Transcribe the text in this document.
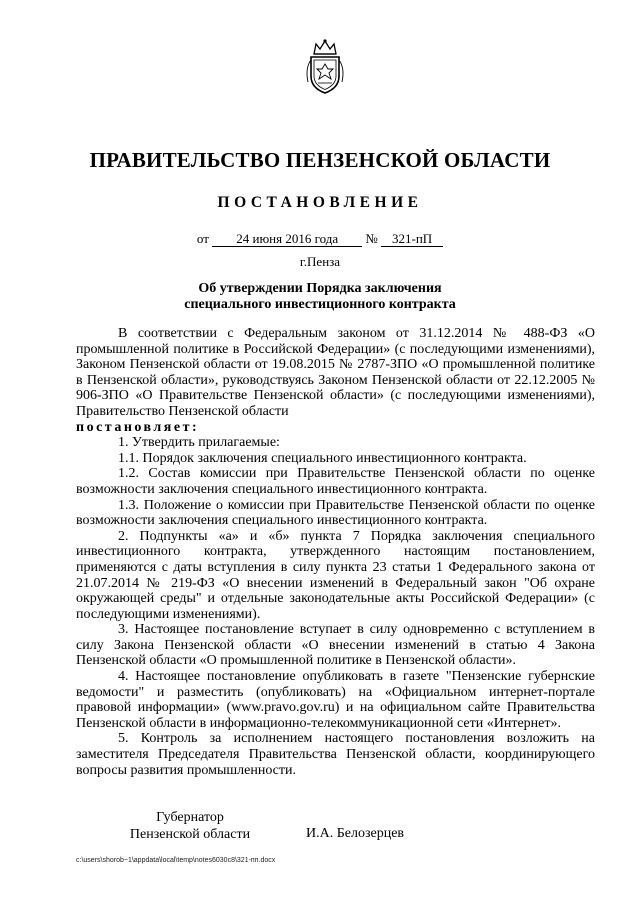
ПРАВИТЕЛЬСТВО ПЕНЗЕНСКОЙ ОБЛАСТИ
ПОСТАНОВЛЕНИЕ
от 24 июня 2016 года № 321-пП
г.Пенза
Об утверждении Порядка заключения
специального инвестиционного контракта

В соответствии с Федеральным законом от 31.12.2014 № 488-ФЗ «О промышленной политике в Российской Федерации» (с последующими изменениями), Законом Пензенской области от 19.08.2015 № 2787-ЗПО «О промышленной политике в Пензенской области», руководствуясь Законом Пензенской области от 22.12.2005 № 906-ЗПО «О Правительстве Пензенской области» (с последующими изменениями), Правительство Пензенской области

постановляет:

1. Утвердить прилагаемые:

1.1. Порядок заключения специального инвестиционного контракта.

1.2. Состав комиссии при Правительстве Пензенской области по оценке возможности заключения специального инвестиционного контракта.

1.3. Положение о комиссии при Правительстве Пензенской области по оценке возможности заключения специального инвестиционного контракта.

2. Подпункты «а» и «б» пункта 7 Порядка заключения специального инвестиционного контракта, утвержденного настоящим постановлением, применяются с даты вступления в силу пункта 23 статьи 1 Федерального закона от 21.07.2014 № 219-ФЗ «О внесении изменений в Федеральный закон "Об охране окружающей среды" и отдельные законодательные акты Российской Федерации» (с последующими изменениями).

3. Настоящее постановление вступает в силу одновременно с вступлением в силу Закона Пензенской области «О внесении изменений в статью 4 Закона Пензенской области «О промышленной политике в Пензенской области».

4. Настоящее постановление опубликовать в газете "Пензенские губернские ведомости" и разместить (опубликовать) на «Официальном интернет-портале правовой информации» (www.pravo.gov.ru) и на официальном сайте Правительства Пензенской области в информационно-телекоммуникационной сети «Интернет».

5. Контроль за исполнением настоящего постановления возложить на заместителя Председателя Правительства Пензенской области, координирующего вопросы развития промышленности.

Губернатор
Пензенской области	И.А. Белозерцев
c:\users\shorob~1\appdata\local\temp\notes6030c8\321-пп.docx
